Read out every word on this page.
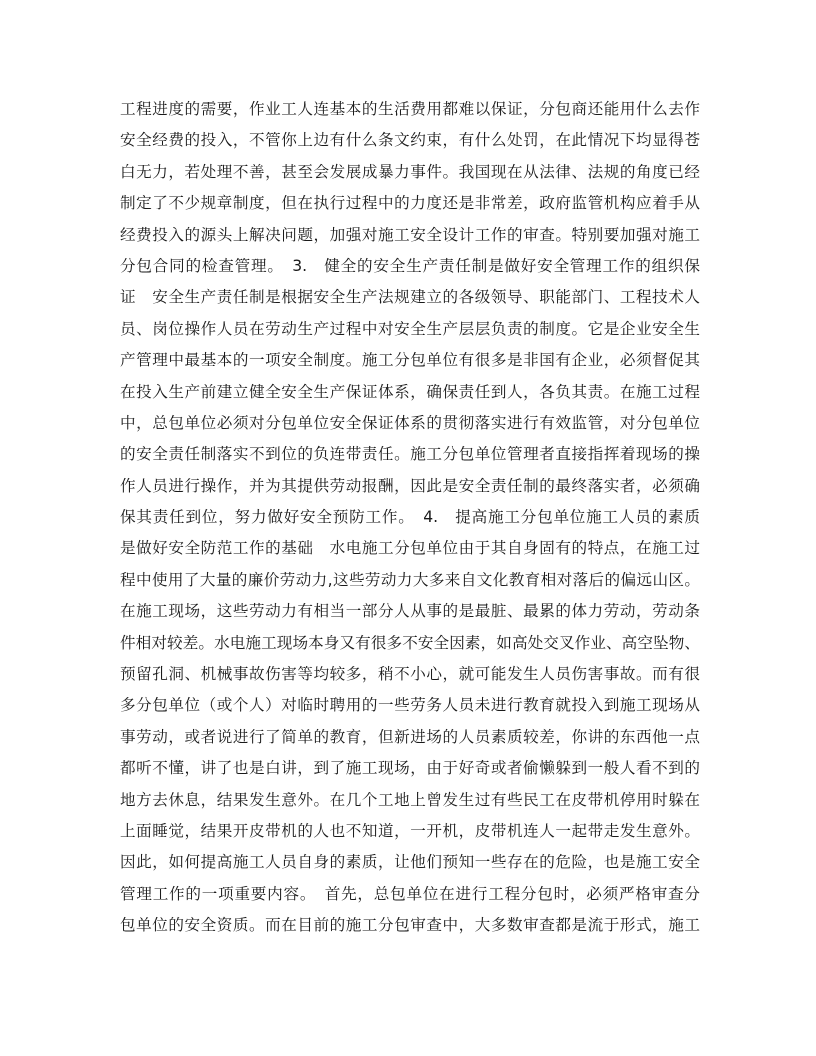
工程进度的需要，作业工人连基本的生活费用都难以保证，分包商还能用什么去作
安全经费的投入，不管你上边有什么条文约束，有什么处罚，在此情况下均显得苍
白无力，若处理不善，甚至会发展成暴力事件。我国现在从法律、法规的角度已经
制定了不少规章制度，但在执行过程中的力度还是非常差，政府监管机构应着手从
经费投入的源头上解决问题，加强对施工安全设计工作的审查。特别要加强对施工
分包合同的检查管理。　3.　健全的安全生产责任制是做好安全管理工作的组织保
证　安全生产责任制是根据安全生产法规建立的各级领导、职能部门、工程技术人
员、岗位操作人员在劳动生产过程中对安全生产层层负责的制度。它是企业安全生
产管理中最基本的一项安全制度。施工分包单位有很多是非国有企业，必须督促其
在投入生产前建立健全安全生产保证体系，确保责任到人，各负其责。在施工过程
中，总包单位必须对分包单位安全保证体系的贯彻落实进行有效监管，对分包单位
的安全责任制落实不到位的负连带责任。施工分包单位管理者直接指挥着现场的操
作人员进行操作，并为其提供劳动报酬，因此是安全责任制的最终落实者，必须确
保其责任到位，努力做好安全预防工作。　4.　提高施工分包单位施工人员的素质
是做好安全防范工作的基础　水电施工分包单位由于其自身固有的特点，在施工过
程中使用了大量的廉价劳动力,这些劳动力大多来自文化教育相对落后的偏远山区。
在施工现场，这些劳动力有相当一部分人从事的是最脏、最累的体力劳动，劳动条
件相对较差。水电施工现场本身又有很多不安全因素，如高处交叉作业、高空坠物、
预留孔洞、机械事故伤害等均较多，稍不小心，就可能发生人员伤害事故。而有很
多分包单位（或个人）对临时聘用的一些劳务人员未进行教育就投入到施工现场从
事劳动，或者说进行了简单的教育，但新进场的人员素质较差，你讲的东西他一点
都听不懂，讲了也是白讲，到了施工现场，由于好奇或者偷懒躲到一般人看不到的
地方去休息，结果发生意外。在几个工地上曾发生过有些民工在皮带机停用时躲在
上面睡觉，结果开皮带机的人也不知道，一开机，皮带机连人一起带走发生意外。
因此，如何提高施工人员自身的素质，让他们预知一些存在的危险，也是施工安全
管理工作的一项重要内容。　首先，总包单位在进行工程分包时，必须严格审查分
包单位的安全资质。而在目前的施工分包审查中，大多数审查都是流于形式，施工
